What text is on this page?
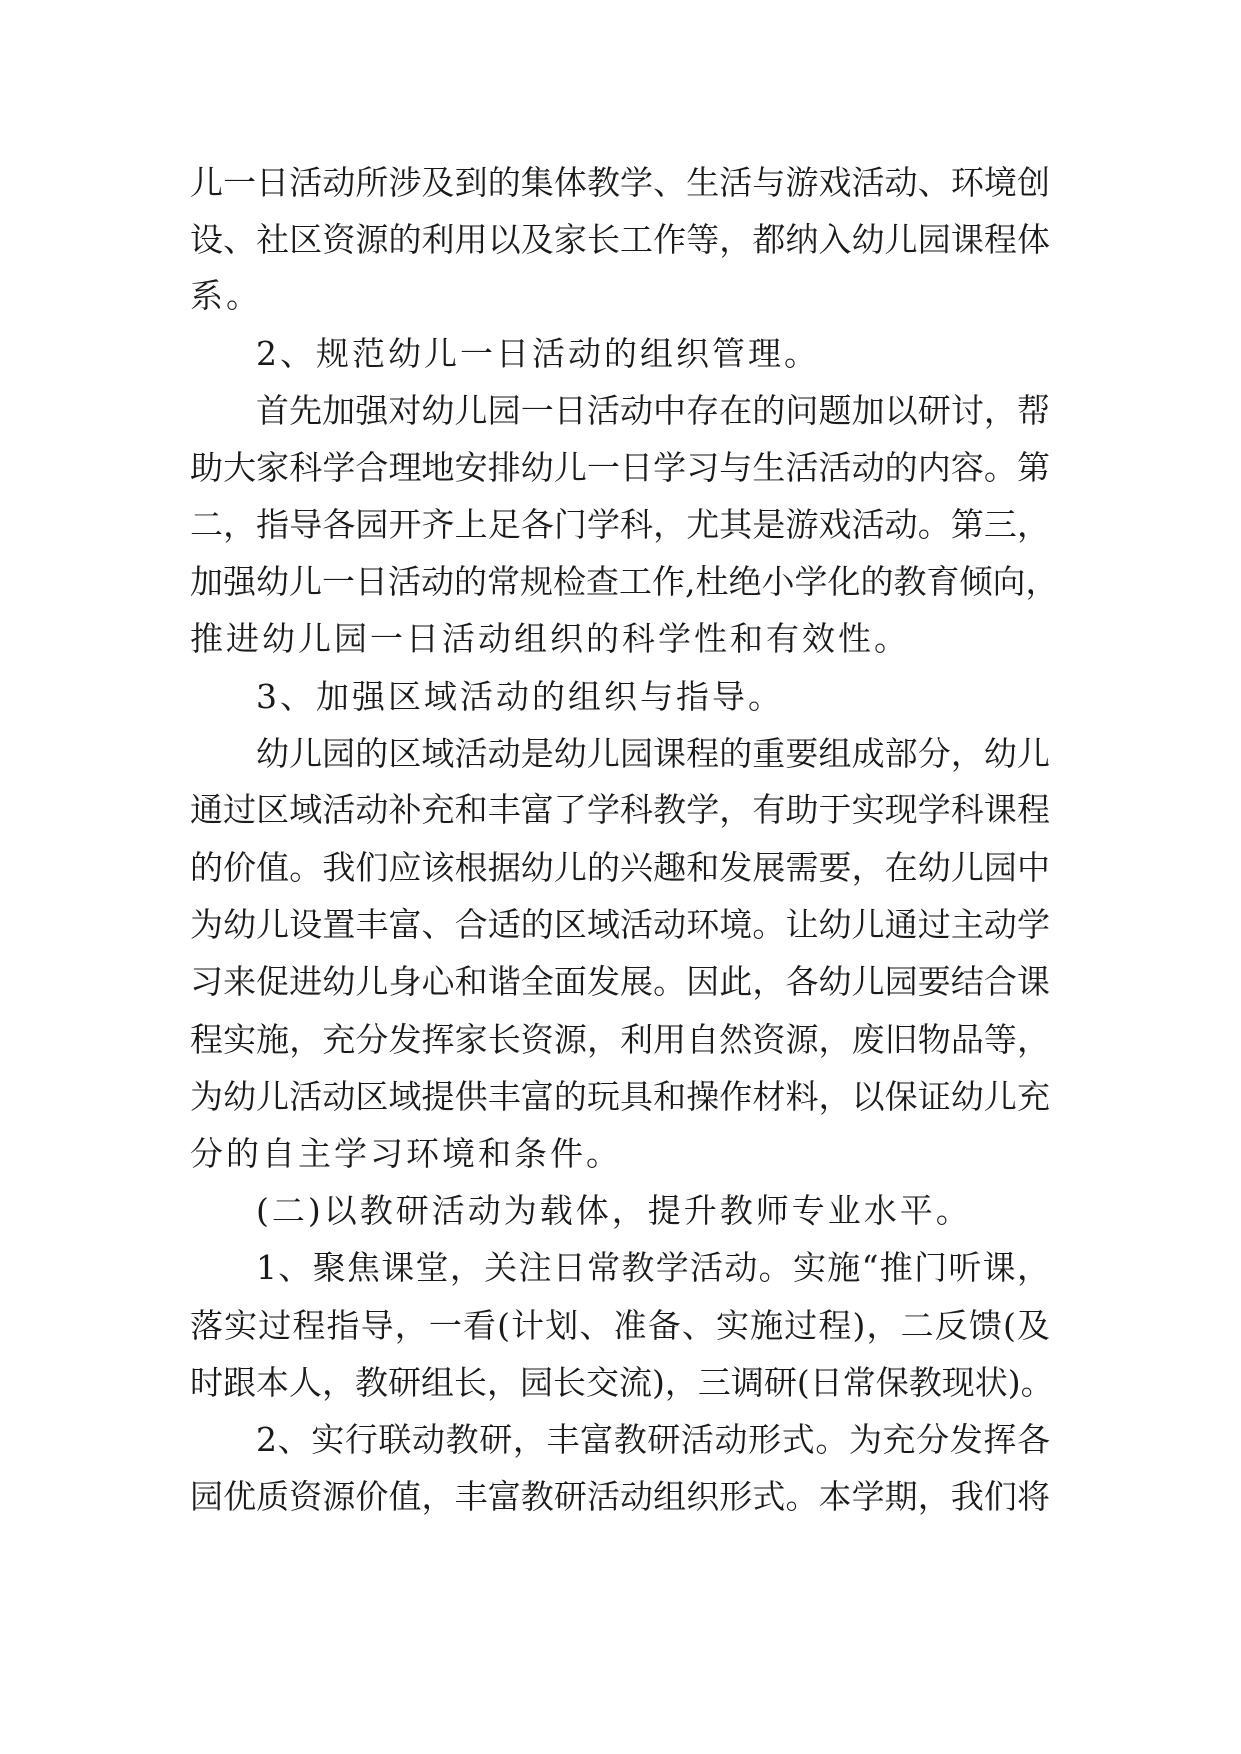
儿一日活动所涉及到的集体教学、生活与游戏活动、环境创
设、社区资源的利用以及家长工作等，都纳入幼儿园课程体
系。
2、规范幼儿一日活动的组织管理。
首先加强对幼儿园一日活动中存在的问题加以研讨，帮
助大家科学合理地安排幼儿一日学习与生活活动的内容。第
二，指导各园开齐上足各门学科，尤其是游戏活动。第三，
加强幼儿一日活动的常规检查工作,杜绝小学化的教育倾向，
推进幼儿园一日活动组织的科学性和有效性。
3、加强区域活动的组织与指导。
幼儿园的区域活动是幼儿园课程的重要组成部分，幼儿
通过区域活动补充和丰富了学科教学，有助于实现学科课程
的价值。我们应该根据幼儿的兴趣和发展需要，在幼儿园中
为幼儿设置丰富、合适的区域活动环境。让幼儿通过主动学
习来促进幼儿身心和谐全面发展。因此，各幼儿园要结合课
程实施，充分发挥家长资源，利用自然资源，废旧物品等，
为幼儿活动区域提供丰富的玩具和操作材料，以保证幼儿充
分的自主学习环境和条件。
(二)以教研活动为载体，提升教师专业水平。
1、聚焦课堂，关注日常教学活动。实施“推门听课，
落实过程指导，一看(计划、准备、实施过程)，二反馈(及
时跟本人，教研组长，园长交流)，三调研(日常保教现状)。
2、实行联动教研，丰富教研活动形式。为充分发挥各
园优质资源价值，丰富教研活动组织形式。本学期，我们将
